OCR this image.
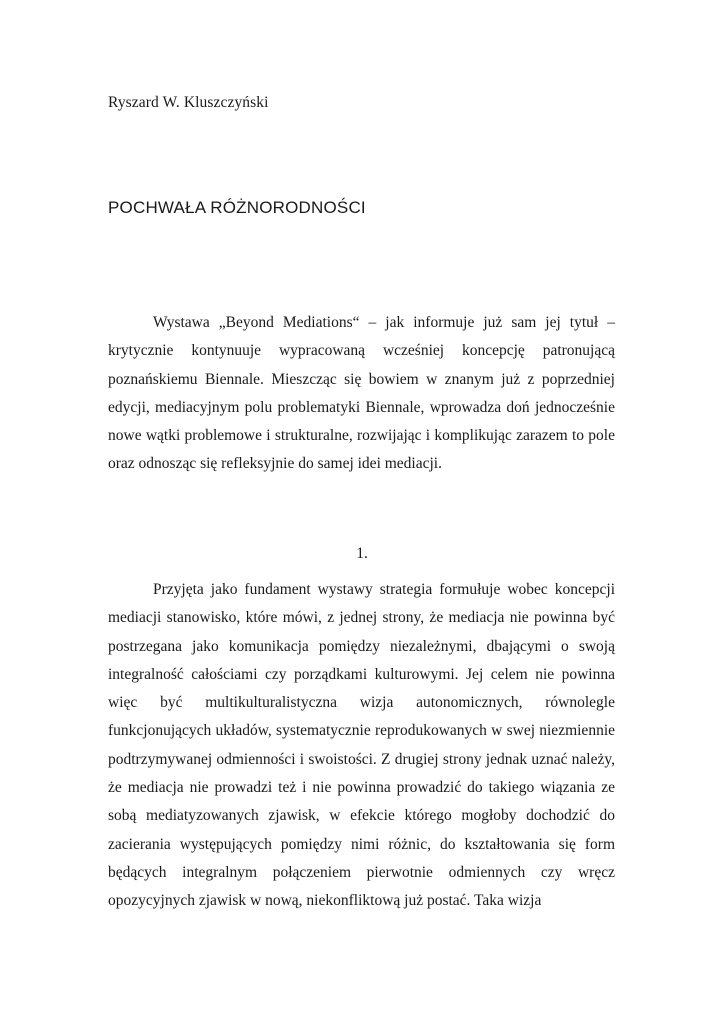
Ryszard W. Kluszczyński
POCHWAŁA RÓŻNORODNOŚCI

Wystawa „Beyond Mediations“ – jak informuje już sam jej tytuł – krytycznie kontynuuje wypracowaną wcześniej koncepcję patronującą poznańskiemu Biennale. Mieszcząc się bowiem w znanym już z poprzedniej edycji, mediacyjnym polu problematyki Biennale, wprowadza doń jednocześnie nowe wątki problemowe i strukturalne, rozwijając i komplikując zarazem to pole oraz odnosząc się refleksyjnie do samej idei mediacji.

1.

Przyjęta jako fundament wystawy strategia formułuje wobec koncepcji mediacji stanowisko, które mówi, z jednej strony, że mediacja nie powinna być postrzegana jako komunikacja pomiędzy niezależnymi, dbającymi o swoją integralność całościami czy porządkami kulturowymi. Jej celem nie powinna więc być multikulturalistyczna wizja autonomicznych, równolegle funkcjonujących układów, systematycznie reprodukowanych w swej niezmiennie podtrzymywanej odmienności i swoistości. Z drugiej strony jednak uznać należy, że mediacja nie prowadzi też i nie powinna prowadzić do takiego wiązania ze sobą mediatyzowanych zjawisk, w efekcie którego mogłoby dochodzić do zacierania występujących pomiędzy nimi różnic, do kształtowania się form będących integralnym połączeniem pierwotnie odmiennych czy wręcz opozycyjnych zjawisk w nową, niekonfliktową już postać. Taka wizja
